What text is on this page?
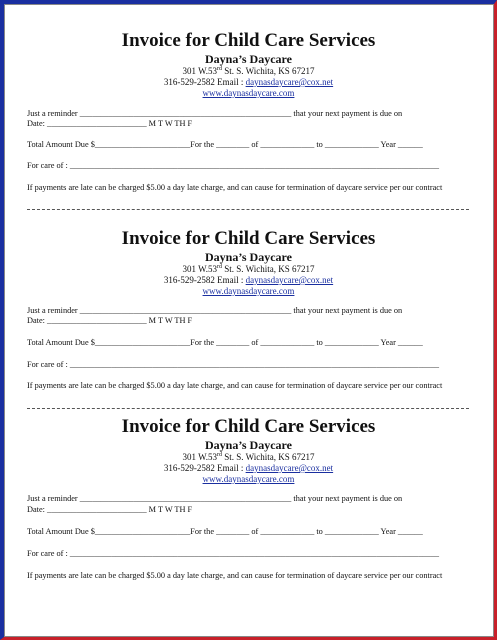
Invoice for Child Care Services
Dayna’s Daycare
301 W.53rd St. S. Wichita, KS 67217
316-529-2582 Email : daynasdaycare@cox.net
www.daynasdaycare.com
Just a reminder ___________________________________________________ that your next payment is due on
Date: ________________________ M T W TH F
Total Amount Due $_______________________For the ________ of _____________ to _____________ Year ______
For care of : _________________________________________________________________________________________
If payments are late can be charged $5.00 a day late charge, and can cause for termination of daycare service per our contract
Invoice for Child Care Services
Dayna’s Daycare
301 W.53rd St. S. Wichita, KS 67217
316-529-2582 Email : daynasdaycare@cox.net
www.daynasdaycare.com
Just a reminder ___________________________________________________ that your next payment is due on
Date: ________________________ M T W TH F
Total Amount Due $_______________________For the ________ of _____________ to _____________ Year ______
For care of : _________________________________________________________________________________________
If payments are late can be charged $5.00 a day late charge, and can cause for termination of daycare service per our contract
Invoice for Child Care Services
Dayna’s Daycare
301 W.53rd St. S. Wichita, KS 67217
316-529-2582 Email : daynasdaycare@cox.net
www.daynasdaycare.com
Just a reminder ___________________________________________________ that your next payment is due on
Date: ________________________ M T W TH F
Total Amount Due $_______________________For the ________ of _____________ to _____________ Year ______
For care of : _________________________________________________________________________________________
If payments are late can be charged $5.00 a day late charge, and can cause for termination of daycare service per our contract
